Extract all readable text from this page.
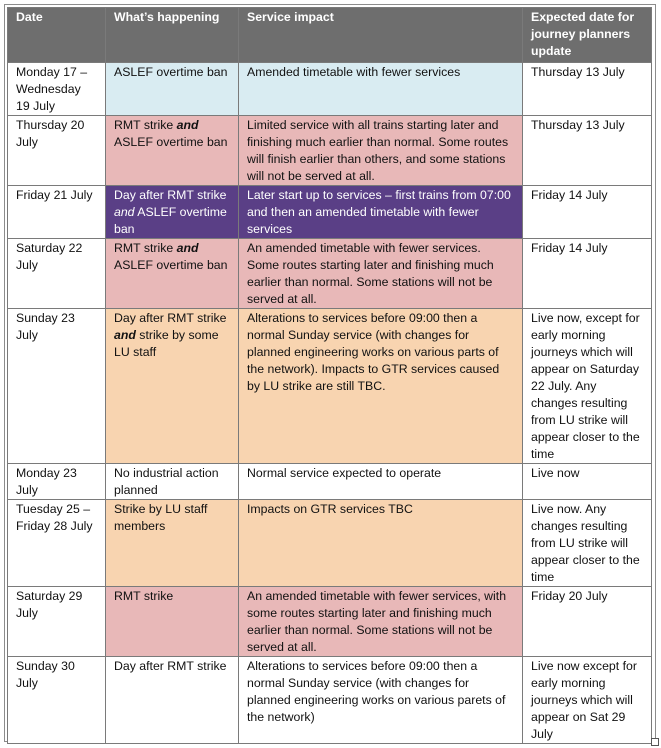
Date	What’s happening	Service impact	Expected date for journey planners update
Monday 17 – Wednesday 19 July	ASLEF overtime ban	Amended timetable with fewer services	Thursday 13 July
Thursday 20 July	RMT strike and ASLEF overtime ban	Limited service with all trains starting later and finishing much earlier than normal. Some routes will finish earlier than others, and some stations will not be served at all.	Thursday 13 July
Friday 21 July	Day after RMT strike and ASLEF overtime ban	Later start up to services – first trains from 07:00 and then an amended timetable with fewer services	Friday 14 July
Saturday 22 July	RMT strike and ASLEF overtime ban	An amended timetable with fewer services. Some routes starting later and finishing much earlier than normal. Some stations will not be served at all.	Friday 14 July
Sunday 23 July	Day after RMT strike and strike by some LU staff	Alterations to services before 09:00 then a normal Sunday service (with changes for planned engineering works on various parts of the network). Impacts to GTR services caused by LU strike are still TBC.	Live now, except for early morning journeys which will appear on Saturday 22 July. Any changes resulting from LU strike will appear closer to the time
Monday 23 July	No industrial action planned	Normal service expected to operate	Live now
Tuesday 25 – Friday 28 July	Strike by LU staff members	Impacts on GTR services TBC	Live now. Any changes resulting from LU strike will appear closer to the time
Saturday 29 July	RMT strike	An amended timetable with fewer services, with some routes starting later and finishing much earlier than normal. Some stations will not be served at all.	Friday 20 July
Sunday 30 July	Day after RMT strike	Alterations to services before 09:00 then a normal Sunday service (with changes for planned engineering works on various parets of the network)	Live now except for early morning journeys which will appear on Sat 29 July
